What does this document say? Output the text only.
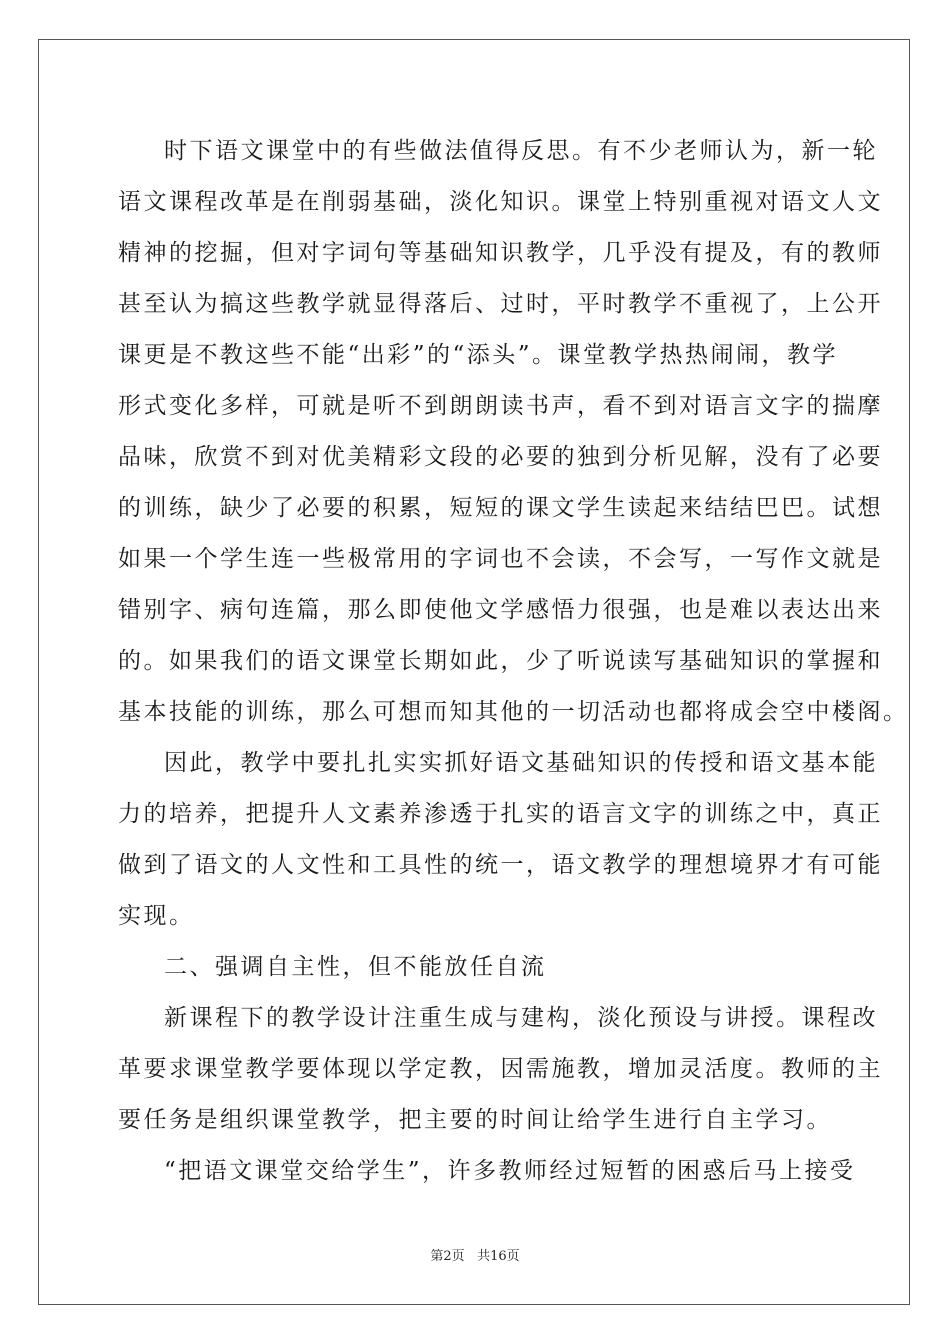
时下语文课堂中的有些做法值得反思。有不少老师认为，新一轮
语文课程改革是在削弱基础，淡化知识。课堂上特别重视对语文人文
精神的挖掘，但对字词句等基础知识教学，几乎没有提及，有的教师
甚至认为搞这些教学就显得落后、过时，平时教学不重视了，上公开
课更是不教这些不能“出彩”的“添头”。课堂教学热热闹闹，教学
形式变化多样，可就是听不到朗朗读书声，看不到对语言文字的揣摩
品味，欣赏不到对优美精彩文段的必要的独到分析见解，没有了必要
的训练，缺少了必要的积累，短短的课文学生读起来结结巴巴。试想
如果一个学生连一些极常用的字词也不会读，不会写，一写作文就是
错别字、病句连篇，那么即使他文学感悟力很强，也是难以表达出来
的。如果我们的语文课堂长期如此，少了听说读写基础知识的掌握和
基本技能的训练，那么可想而知其他的一切活动也都将成会空中楼阁。
因此，教学中要扎扎实实抓好语文基础知识的传授和语文基本能
力的培养，把提升人文素养渗透于扎实的语言文字的训练之中，真正
做到了语文的人文性和工具性的统一，语文教学的理想境界才有可能
实现。
二、强调自主性，但不能放任自流
新课程下的教学设计注重生成与建构，淡化预设与讲授。课程改
革要求课堂教学要体现以学定教，因需施教，增加灵活度。教师的主
要任务是组织课堂教学，把主要的时间让给学生进行自主学习。
“把语文课堂交给学生”，许多教师经过短暂的困惑后马上接受
第2页 共16页
